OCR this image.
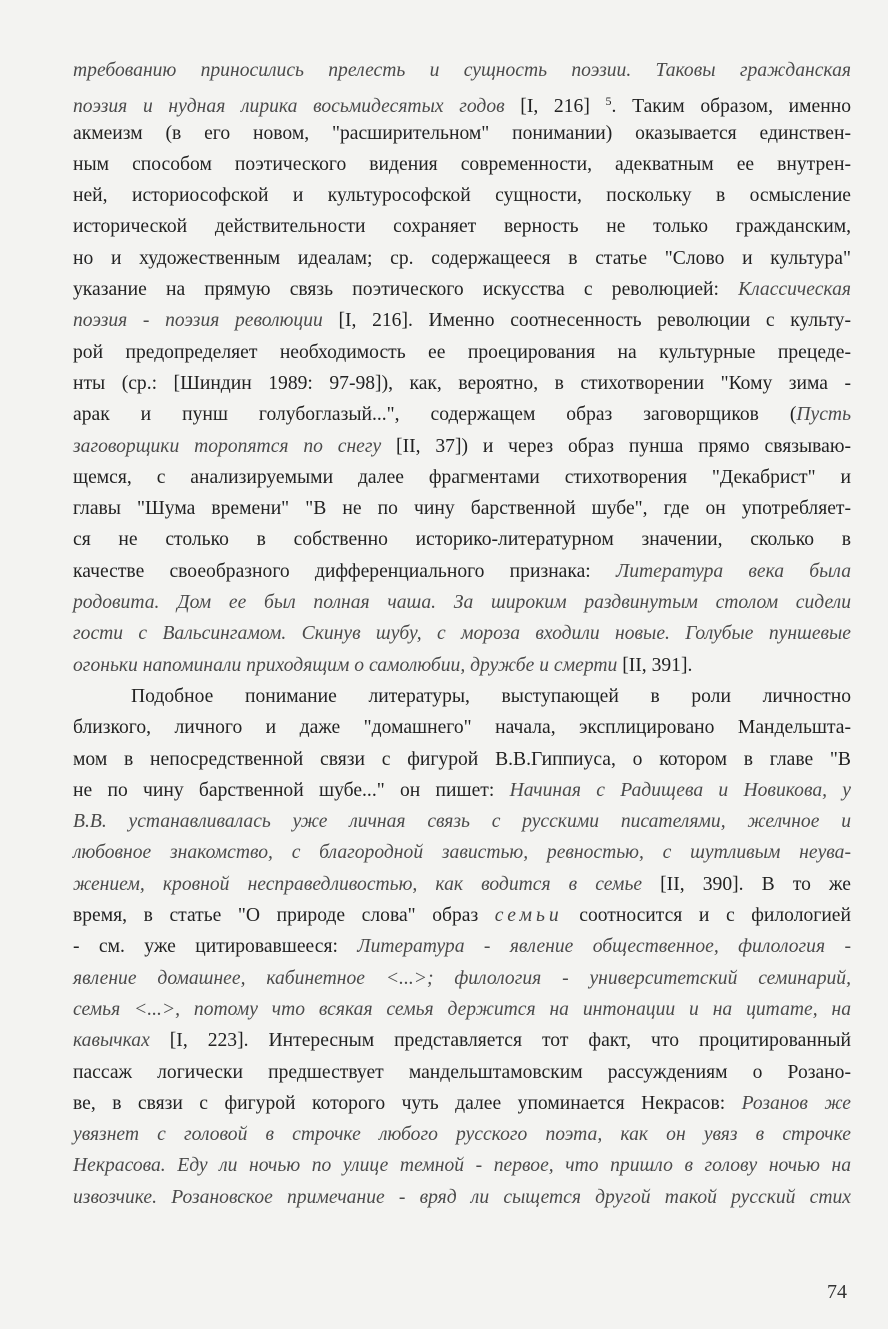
требованию приносились прелесть и сущность поэзии. Таковы гражданская
поэзия и нудная лирика восьмидесятых годов [I, 216] $^5$. Таким образом, именно
акмеизм (в его новом, "расширительном" понимании) оказывается единствен-
ным способом поэтического видения современности, адекватным ее внутрен-
ней, историософской и культурософской сущности, поскольку в осмысление
исторической действительности сохраняет верность не только гражданским,
но и художественным идеалам; ср. содержащееся в статье "Слово и культура"
указание на прямую связь поэтического искусства с революцией: Классическая
поэзия - поэзия революции [I, 216]. Именно соотнесенность революции с культу-
рой предопределяет необходимость ее проецирования на культурные прецеде-
нты (ср.: [Шиндин 1989: 97-98]), как, вероятно, в стихотворении "Кому зима -
арак и пунш голубоглазый...", содержащем образ заговорщиков (Пусть
заговорщики торопятся по снегу [II, 37]) и через образ пунша прямо связываю-
щемся, с анализируемыми далее фрагментами стихотворения "Декабрист" и
главы "Шума времени" "В не по чину барственной шубе", где он употребляет-
ся не столько в собственно историко-литературном значении, сколько в
качестве своеобразного дифференциального признака: Литература века была
родовита. Дом ее был полная чаша. За широким раздвинутым столом сидели
гости с Вальсингамом. Скинув шубу, с мороза входили новые. Голубые пуншевые
огоньки напоминали приходящим о самолюбии, дружбе и смерти [II, 391].
Подобное понимание литературы, выступающей в роли личностно
близкого, личного и даже "домашнего" начала, эксплицировано Мандельшта-
мом в непосредственной связи с фигурой В.В.Гиппиуса, о котором в главе "В
не по чину барственной шубе..." он пишет: Начиная с Радищева и Новикова, у
В.В. устанавливалась уже личная связь с русскими писателями, желчное и
любовное знакомство, с благородной завистью, ревностью, с шутливым неува-
жением, кровной несправедливостью, как водится в семье [II, 390]. В то же
время, в статье "О природе слова" образ семьи соотносится и с филологией
- см. уже цитировавшееся: Литература - явление общественное, филология -
явление домашнее, кабинетное <...>; филология - университетский семинарий,
семья <...>, потому что всякая семья держится на интонации и на цитате, на
кавычках [I, 223]. Интересным представляется тот факт, что процитированный
пассаж логически предшествует мандельштамовским рассуждениям о Розано-
ве, в связи с фигурой которого чуть далее упоминается Некрасов: Розанов же
увязнет с головой в строчке любого русского поэта, как он увяз в строчке
Некрасова. Еду ли ночью по улице темной - первое, что пришло в голову ночью на
извозчике. Розановское примечание - вряд ли сыщется другой такой русский стих
74
